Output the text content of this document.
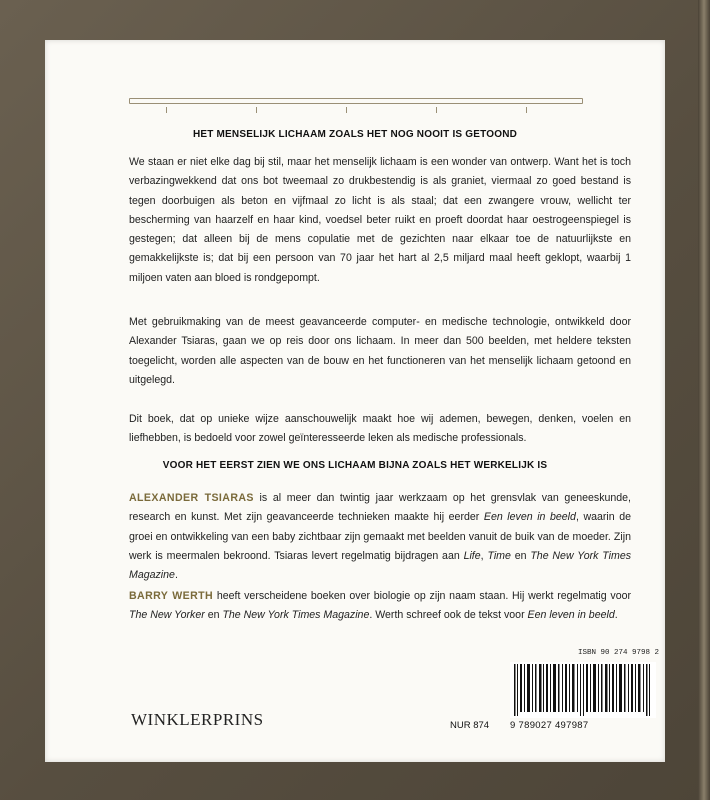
HET MENSELIJK LICHAAM ZOALS HET NOG NOOIT IS GETOOND

We staan er niet elke dag bij stil, maar het menselijk lichaam is een wonder van ontwerp. Want het is toch verbazingwekkend dat ons bot tweemaal zo drukbestendig is als graniet, viermaal zo goed bestand is tegen doorbuigen als beton en vijfmaal zo licht is als staal; dat een zwangere vrouw, wellicht ter bescherming van haarzelf en haar kind, voedsel beter ruikt en proeft doordat haar oestrogeenspiegel is gestegen; dat alleen bij de mens copulatie met de gezichten naar elkaar toe de natuurlijkste en gemakkelijkste is; dat bij een persoon van 70 jaar het hart al 2,5 miljard maal heeft geklopt, waarbij 1 miljoen vaten aan bloed is rondgepompt.

Met gebruikmaking van de meest geavanceerde computer- en medische technologie, ontwikkeld door Alexander Tsiaras, gaan we op reis door ons lichaam. In meer dan 500 beelden, met heldere teksten toegelicht, worden alle aspecten van de bouw en het functioneren van het menselijk lichaam getoond en uitgelegd.

Dit boek, dat op unieke wijze aanschouwelijk maakt hoe wij ademen, bewegen, denken, voelen en liefhebben, is bedoeld voor zowel geïnteresseerde leken als medische professionals.

VOOR HET EERST ZIEN WE ONS LICHAAM BIJNA ZOALS HET WERKELIJK IS

ALEXANDER TSIARAS is al meer dan twintig jaar werkzaam op het grensvlak van geneeskunde, research en kunst. Met zijn geavanceerde technieken maakte hij eerder Een leven in beeld, waarin de groei en ontwikkeling van een baby zichtbaar zijn gemaakt met beelden vanuit de buik van de moeder. Zijn werk is meermalen bekroond. Tsiaras levert regelmatig bijdragen aan Life, Time en The New York Times Magazine.

BARRY WERTH heeft verscheidene boeken over biologie op zijn naam staan. Hij werkt regelmatig voor The New Yorker en The New York Times Magazine. Werth schreef ook de tekst voor Een leven in beeld.

ISBN 90 274 9798 2
9 789027 497987
NUR 874
WINKLERPRINS
